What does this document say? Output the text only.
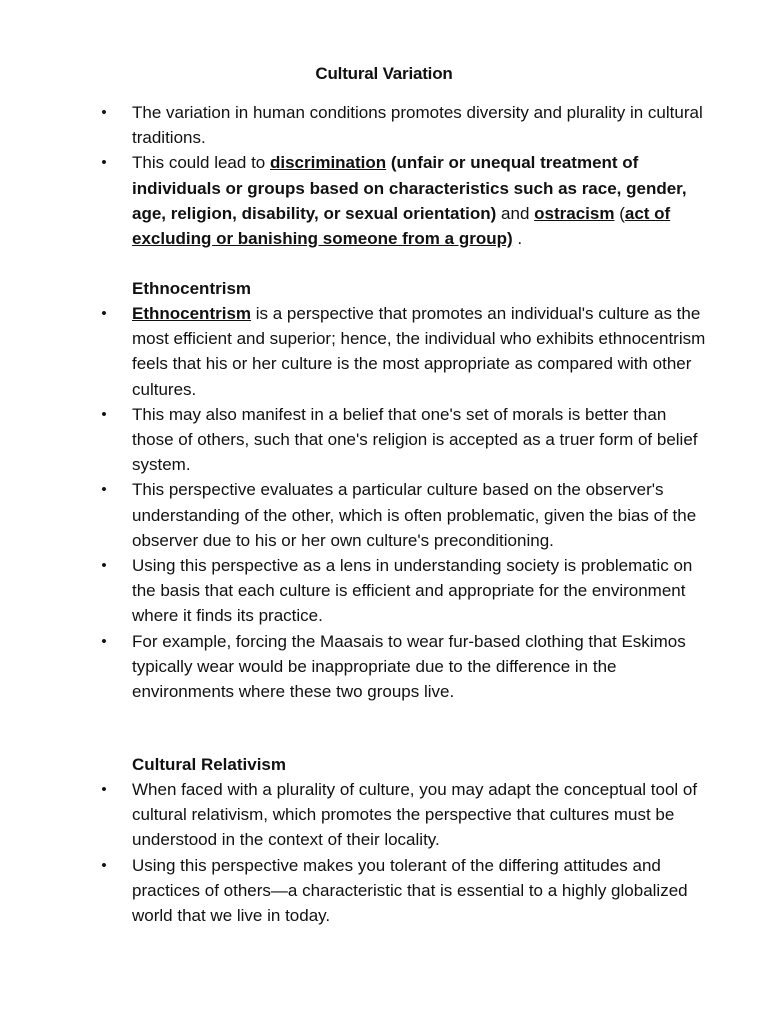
Cultural Variation
• The variation in human conditions promotes diversity and plurality in cultural traditions.
• This could lead to discrimination (unfair or unequal treatment of individuals or groups based on characteristics such as race, gender, age, religion, disability, or sexual orientation) and ostracism (act of excluding or banishing someone from a group) .
Ethnocentrism
• Ethnocentrism is a perspective that promotes an individual's culture as the most efficient and superior; hence, the individual who exhibits ethnocentrism feels that his or her culture is the most appropriate as compared with other cultures.
• This may also manifest in a belief that one's set of morals is better than those of others, such that one's religion is accepted as a truer form of belief system.
• This perspective evaluates a particular culture based on the observer's understanding of the other, which is often problematic, given the bias of the observer due to his or her own culture's preconditioning.
• Using this perspective as a lens in understanding society is problematic on the basis that each culture is efficient and appropriate for the environment where it finds its practice.
• For example, forcing the Maasais to wear fur-based clothing that Eskimos typically wear would be inappropriate due to the difference in the environments where these two groups live.
Cultural Relativism
• When faced with a plurality of culture, you may adapt the conceptual tool of cultural relativism, which promotes the perspective that cultures must be understood in the context of their locality.
• Using this perspective makes you tolerant of the differing attitudes and practices of others—a characteristic that is essential to a highly globalized world that we live in today.
